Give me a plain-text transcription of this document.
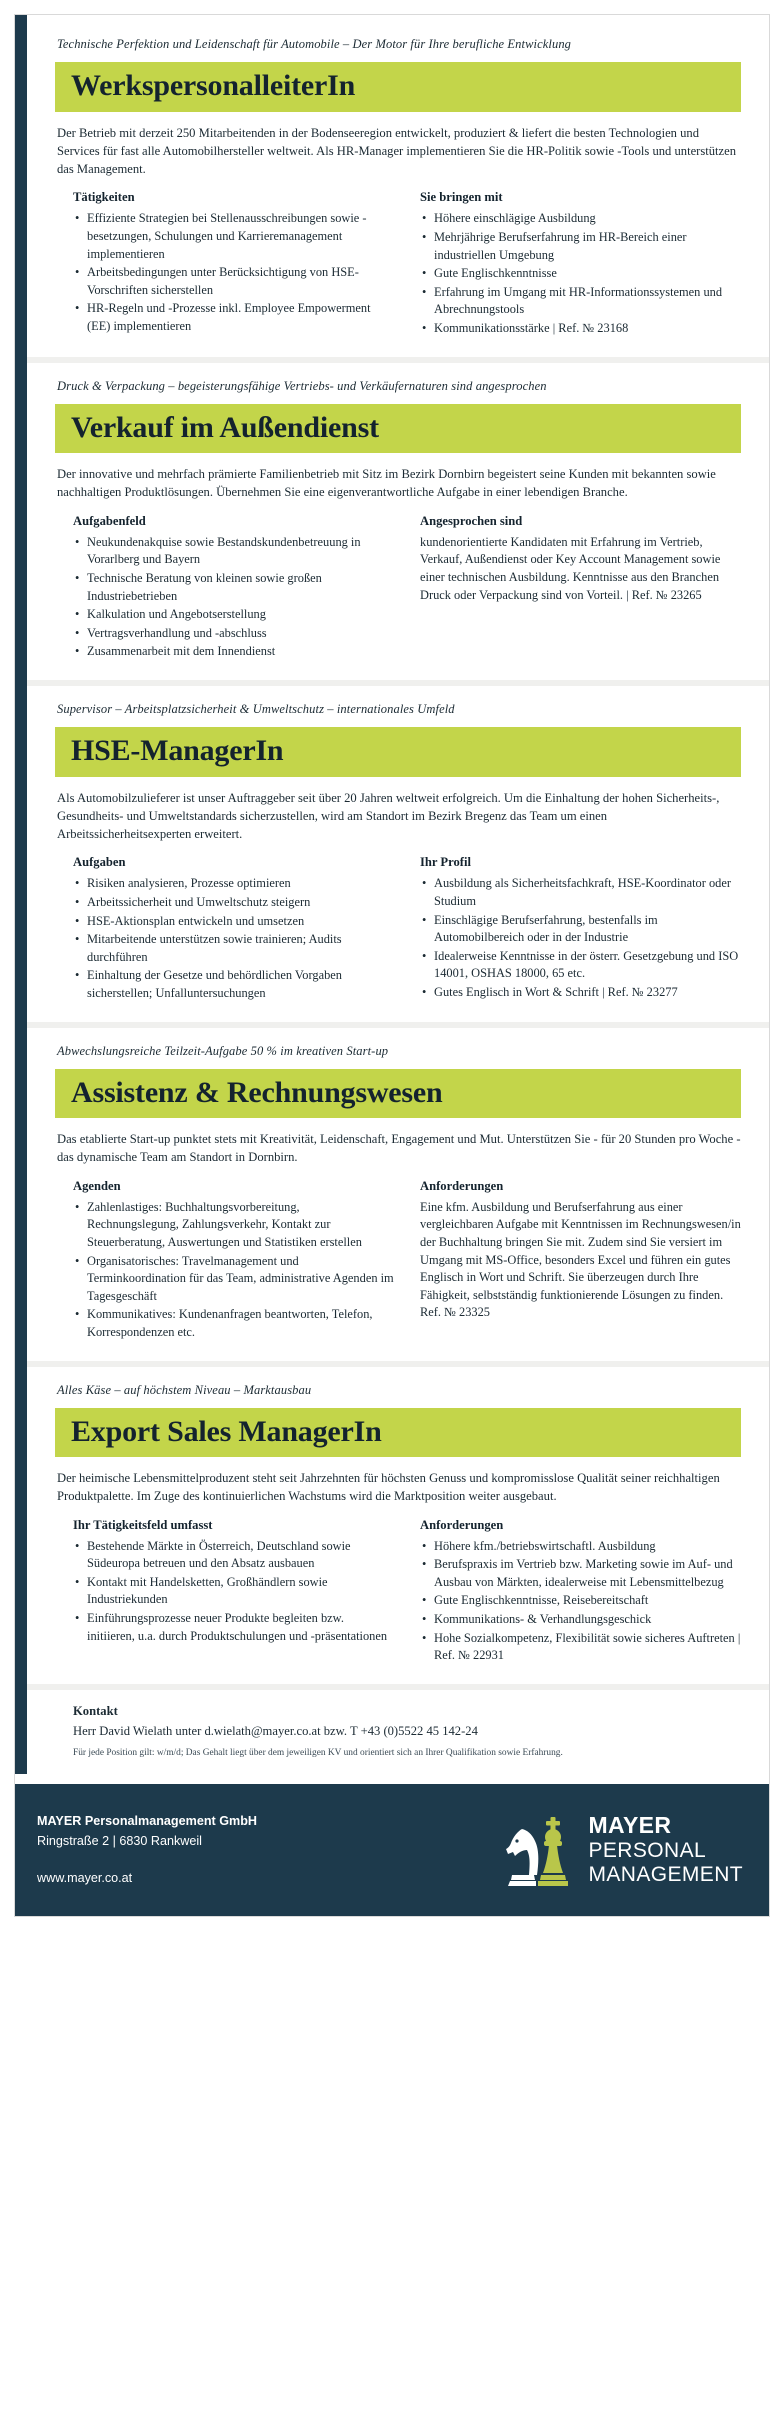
Technische Perfektion und Leidenschaft für Automobile – Der Motor für Ihre berufliche Entwicklung
WerkspersonalleiterIn

Der Betrieb mit derzeit 250 Mitarbeitenden in der Bodenseeregion entwickelt, produziert & liefert die besten Technologien und Services für fast alle Automobilhersteller weltweit. Als HR-Manager implementieren Sie die HR-Politik sowie -Tools und unterstützen das Management.

Tätigkeiten
• Effiziente Strategien bei Stellenausschreibungen sowie -besetzungen, Schulungen und Karrieremanagement implementieren
• Arbeitsbedingungen unter Berücksichtigung von HSE-Vorschriften sicherstellen
• HR-Regeln und -Prozesse inkl. Employee Empowerment (EE) implementieren
Sie bringen mit
• Höhere einschlägige Ausbildung
• Mehrjährige Berufserfahrung im HR-Bereich einer industriellen Umgebung
• Gute Englischkenntnisse
• Erfahrung im Umgang mit HR-Informationssystemen und Abrechnungstools
• Kommunikationsstärke | Ref. № 23168
Druck & Verpackung – begeisterungsfähige Vertriebs- und Verkäufernaturen sind angesprochen
Verkauf im Außendienst

Der innovative und mehrfach prämierte Familienbetrieb mit Sitz im Bezirk Dornbirn begeistert seine Kunden mit bekannten sowie nachhaltigen Produktlösungen. Übernehmen Sie eine eigenverantwortliche Aufgabe in einer lebendigen Branche.

Aufgabenfeld
• Neukundenakquise sowie Bestandskundenbetreuung in Vorarlberg und Bayern
• Technische Beratung von kleinen sowie großen Industriebetrieben
• Kalkulation und Angebotserstellung
• Vertragsverhandlung und -abschluss
• Zusammenarbeit mit dem Innendienst
Angesprochen sind

kundenorientierte Kandidaten mit Erfahrung im Vertrieb, Verkauf, Außendienst oder Key Account Management sowie einer technischen Ausbildung. Kenntnisse aus den Branchen Druck oder Verpackung sind von Vorteil. | Ref. № 23265

Supervisor – Arbeitsplatzsicherheit & Umweltschutz – internationales Umfeld
HSE-ManagerIn

Als Automobilzulieferer ist unser Auftraggeber seit über 20 Jahren weltweit erfolgreich. Um die Einhaltung der hohen Sicherheits-, Gesundheits- und Umweltstandards sicherzustellen, wird am Standort im Bezirk Bregenz das Team um einen Arbeitssicherheitsexperten erweitert.

Aufgaben
• Risiken analysieren, Prozesse optimieren
• Arbeitssicherheit und Umweltschutz steigern
• HSE-Aktionsplan entwickeln und umsetzen
• Mitarbeitende unterstützen sowie trainieren; Audits durchführen
• Einhaltung der Gesetze und behördlichen Vorgaben sicherstellen; Unfalluntersuchungen
Ihr Profil
• Ausbildung als Sicherheitsfachkraft, HSE-Koordinator oder Studium
• Einschlägige Berufserfahrung, bestenfalls im Automobilbereich oder in der Industrie
• Idealerweise Kenntnisse in der österr. Gesetzgebung und ISO 14001, OSHAS 18000, 65 etc.
• Gutes Englisch in Wort & Schrift | Ref. № 23277
Abwechslungsreiche Teilzeit-Aufgabe 50 % im kreativen Start-up
Assistenz & Rechnungswesen

Das etablierte Start-up punktet stets mit Kreativität, Leidenschaft, Engagement und Mut. Unterstützen Sie - für 20 Stunden pro Woche - das dynamische Team am Standort in Dornbirn.

Agenden
• Zahlenlastiges: Buchhaltungsvorbereitung, Rechnungslegung, Zahlungsverkehr, Kontakt zur Steuerberatung, Auswertungen und Statistiken erstellen
• Organisatorisches: Travelmanagement und Terminkoordination für das Team, administrative Agenden im Tagesgeschäft
• Kommunikatives: Kundenanfragen beantworten, Telefon, Korrespondenzen etc.
Anforderungen

Eine kfm. Ausbildung und Berufserfahrung aus einer vergleichbaren Aufgabe mit Kenntnissen im Rechnungswesen/in der Buchhaltung bringen Sie mit. Zudem sind Sie versiert im Umgang mit MS-Office, besonders Excel und führen ein gutes Englisch in Wort und Schrift. Sie überzeugen durch Ihre Fähigkeit, selbstständig funktionierende Lösungen zu finden. Ref. № 23325

Alles Käse – auf höchstem Niveau – Marktausbau
Export Sales ManagerIn

Der heimische Lebensmittelproduzent steht seit Jahrzehnten für höchsten Genuss und kompromisslose Qualität seiner reichhaltigen Produktpalette. Im Zuge des kontinuierlichen Wachstums wird die Marktposition weiter ausgebaut.

Ihr Tätigkeitsfeld umfasst
• Bestehende Märkte in Österreich, Deutschland sowie Südeuropa betreuen und den Absatz ausbauen
• Kontakt mit Handelsketten, Großhändlern sowie Industriekunden
• Einführungsprozesse neuer Produkte begleiten bzw. initiieren, u.a. durch Produktschulungen und -präsentationen
Anforderungen
• Höhere kfm./betriebswirtschaftl. Ausbildung
• Berufspraxis im Vertrieb bzw. Marketing sowie im Auf- und Ausbau von Märkten, idealerweise mit Lebensmittelbezug
• Gute Englischkenntnisse, Reisebereitschaft
• Kommunikations- & Verhandlungsgeschick
• Hohe Sozialkompetenz, Flexibilität sowie sicheres Auftreten | Ref. № 22931
Kontakt

Herr David Wielath unter d.wielath@mayer.co.at bzw. T +43 (0)5522 45 142-24

Für jede Position gilt: w/m/d; Das Gehalt liegt über dem jeweiligen KV und orientiert sich an Ihrer Qualifikation sowie Erfahrung.

MAYER Personalmanagement GmbH
Ringstraße 2 | 6830 Rankweil
www.mayer.co.at
MAYER
PERSONAL
MANAGEMENT
